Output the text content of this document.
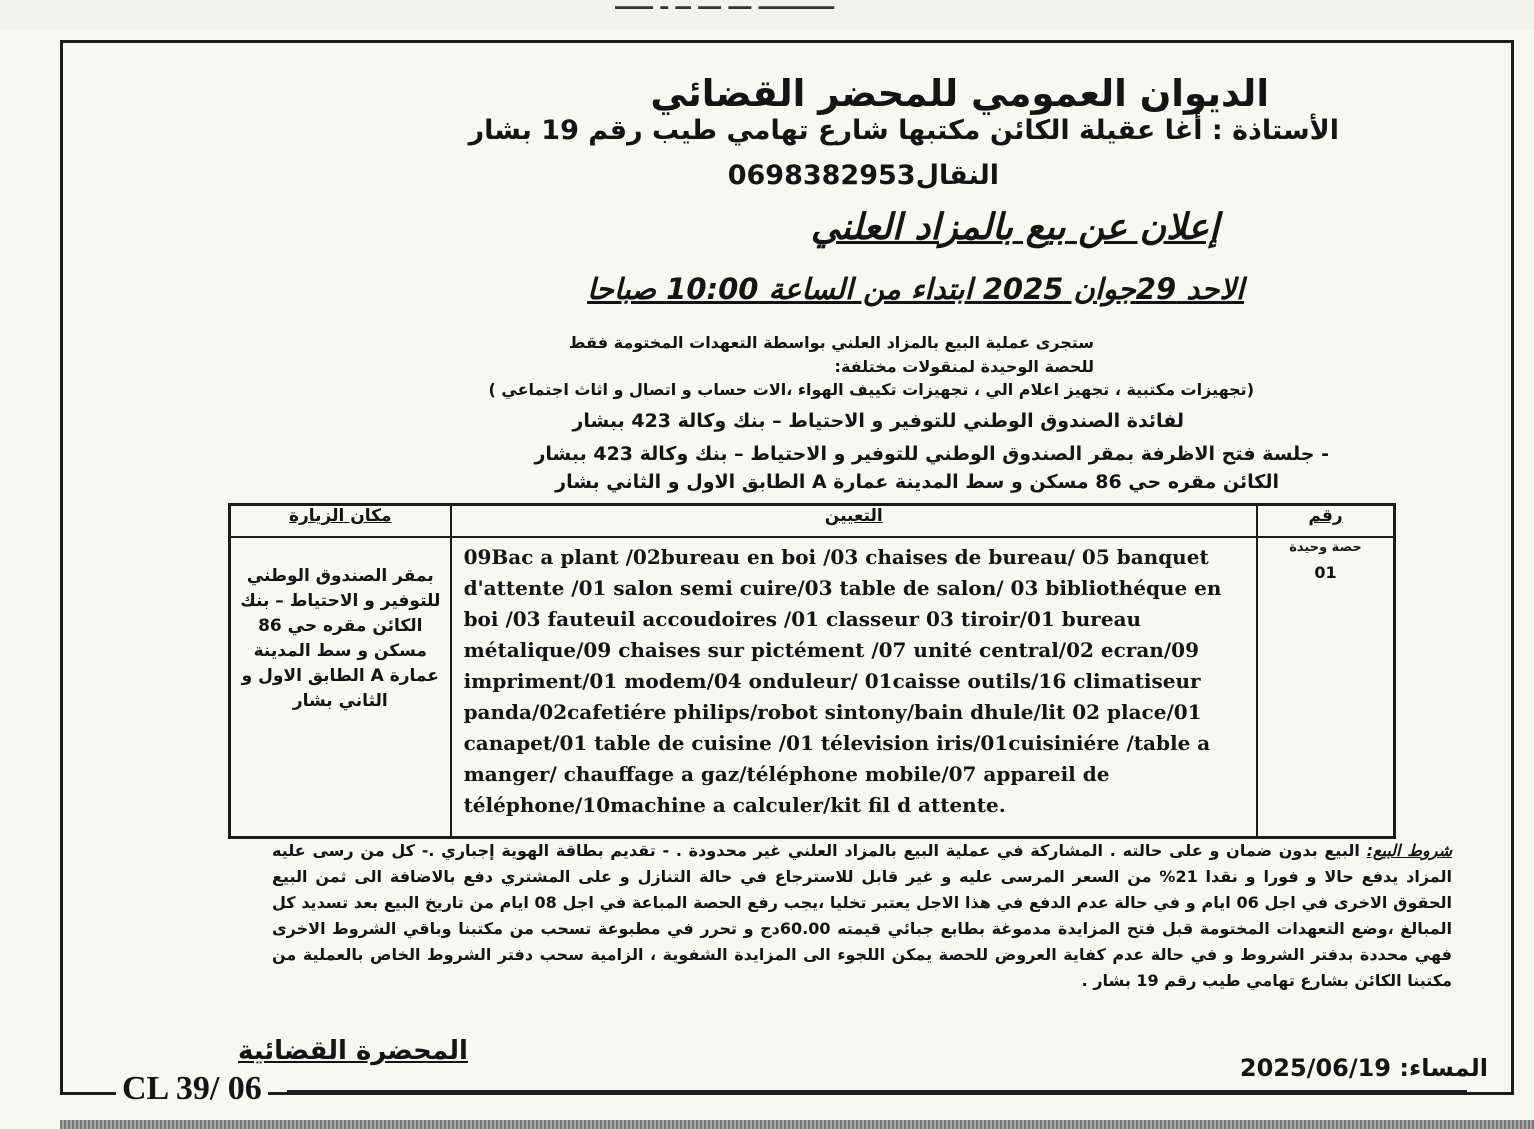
ــــــــــ ـــ ـــ ــ ـ ـــــ
الديوان العمومي للمحضر القضائي
الأستاذة : أغا عقيلة الكائن مكتبها شارع تهامي طيب رقم 19 بشار
النقال0698382953
إعلان عن بيع بالمزاد العلني
الاحد 29جوان 2025 ابتداء من الساعة 10:00 صباحا
ستجرى عملية البيع بالمزاد العلني بواسطة التعهدات المختومة فقط
للحصة الوحيدة لمنقولات مختلفة:
(تجهيزات مكتبية ، تجهيز اعلام الي ، تجهيزات تكييف الهواء ،الات حساب و اتصال و اثاث اجتماعي )
لفائدة الصندوق الوطني للتوفير و الاحتياط – بنك وكالة 423 ببشار
- جلسة فتح الاظرفة بمقر الصندوق الوطني للتوفير و الاحتياط – بنك وكالة 423 ببشار
الكائن مقره حي 86 مسكن و سط المدينة عمارة A الطابق الاول و الثاني بشار
مكان الزيارة	التعيين	رقم
بمقر الصندوق الوطني للتوفير و الاحتياط – بنك الكائن مقره حي 86 مسكن و سط المدينة عمارة A الطابق الاول و الثاني بشار	09Bac a plant /02bureau en boi /03 chaises de bureau/ 05 banquet d'attente /01 salon semi cuire/03 table de salon/ 03 bibliothéque en boi /03 fauteuil accoudoires /01 classeur 03 tiroir/01 bureau métalique/09 chaises sur pictément /07 unité central/02 ecran/09 impriment/01 modem/04 onduleur/ 01caisse outils/16 climatiseur panda/02cafetiére philips/robot sintony/bain dhule/lit 02 place/01 canapet/01 table de cuisine /01 télevision iris/01cuisiniére /table a manger/ chauffage a gaz/téléphone mobile/07 appareil de téléphone/10machine a calculer/kit fil d attente.	حصة وحيدة
01
شروط البيع: البيع بدون ضمان و على حالته . المشاركة في عملية البيع بالمزاد العلني غير محدودة . - تقديم بطاقة الهوية إجباري .- كل من رسى عليه المزاد يدفع حالا و فورا و نقدا 21% من السعر المرسى عليه و غير قابل للاسترجاع في حالة التنازل و على المشتري دفع بالاضافة الى ثمن البيع الحقوق الاخرى في اجل 06 ايام و في حالة عدم الدفع في هذا الاجل يعتبر تخليا ،يجب رفع الحصة المباعة في اجل 08 ايام من تاريخ البيع بعد تسديد كل المبالغ ،وضع التعهدات المختومة قبل فتح المزايدة مدموغة بطابع جبائي قيمته 60.00دج و تحرر في مطبوعة تسحب من مكتبنا وباقي الشروط الاخرى فهي محددة بدفتر الشروط و في حالة عدم كفاية العروض للحصة يمكن اللجوء الى المزايدة الشفوية ، الزامية سحب دفتر الشروط الخاص بالعملية من مكتبنا الكائن بشارع تهامي طيب رقم 19 بشار .
المحضرة القضائية
CL 39/ 06
المساء: 2025/06/19
